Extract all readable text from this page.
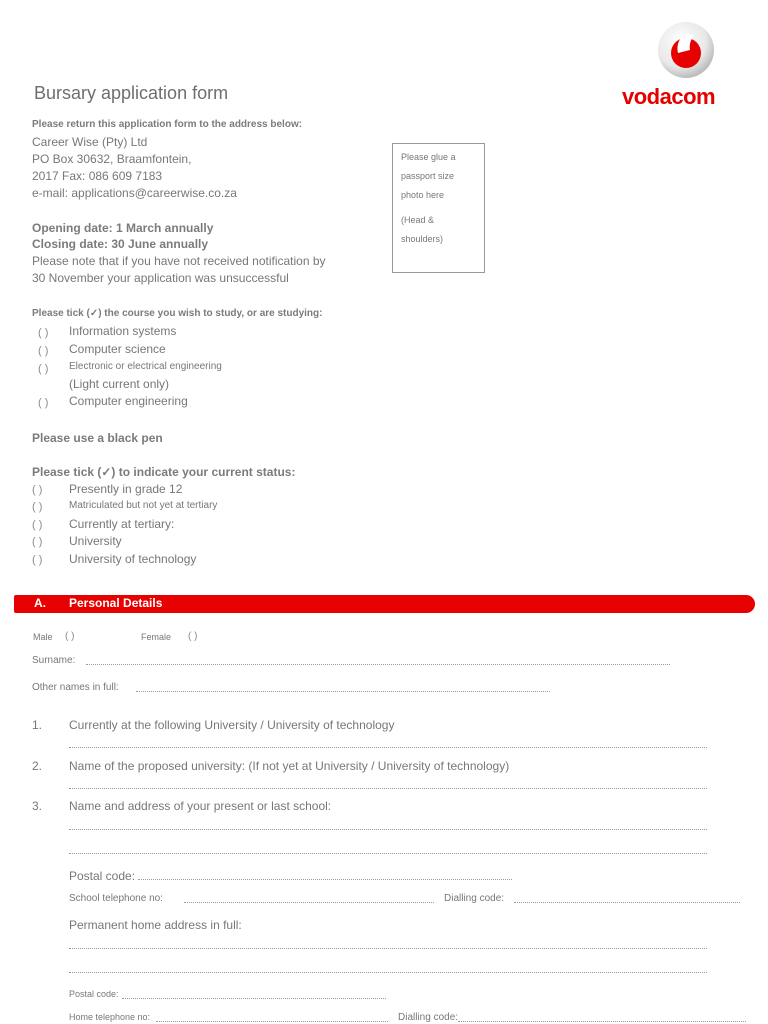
Bursary application form	vodacom
Please return this application form to the address below:
Career Wise (Pty) Ltd
PO Box 30632, Braamfontein,
2017 Fax: 086 609 7183
e-mail: applications@careerwise.co.za
Opening date: 1 March annually
Closing date: 30 June annually
Please note that if you have not received notification by
30 November your application was unsuccessful
Please glue a
passport size
photo here
(Head &
shoulders)
Please tick (✓) the course you wish to study, or are studying:
( ) Information systems
( ) Computer science
( ) Electronic or electrical engineering
(Light current only)
( ) Computer engineering
Please use a black pen
Please tick (✓) to indicate your current status:
( ) Presently in grade 12
( )	Matriculated but not yet at tertiary
( ) Currently at tertiary:
( ) University
( ) University of technology
A. Personal Details
Male ( )	Female ( )
Surname:
Other names in full:
1. Currently at the following University / University of technology
2. Name of the proposed university: (If not yet at University / University of technology)
3. Name and address of your present or last school:
Postal code:
School telephone no:	Dialling code:
Permanent home address in full:
Postal code:
Home telephone no:	Dialling code:
